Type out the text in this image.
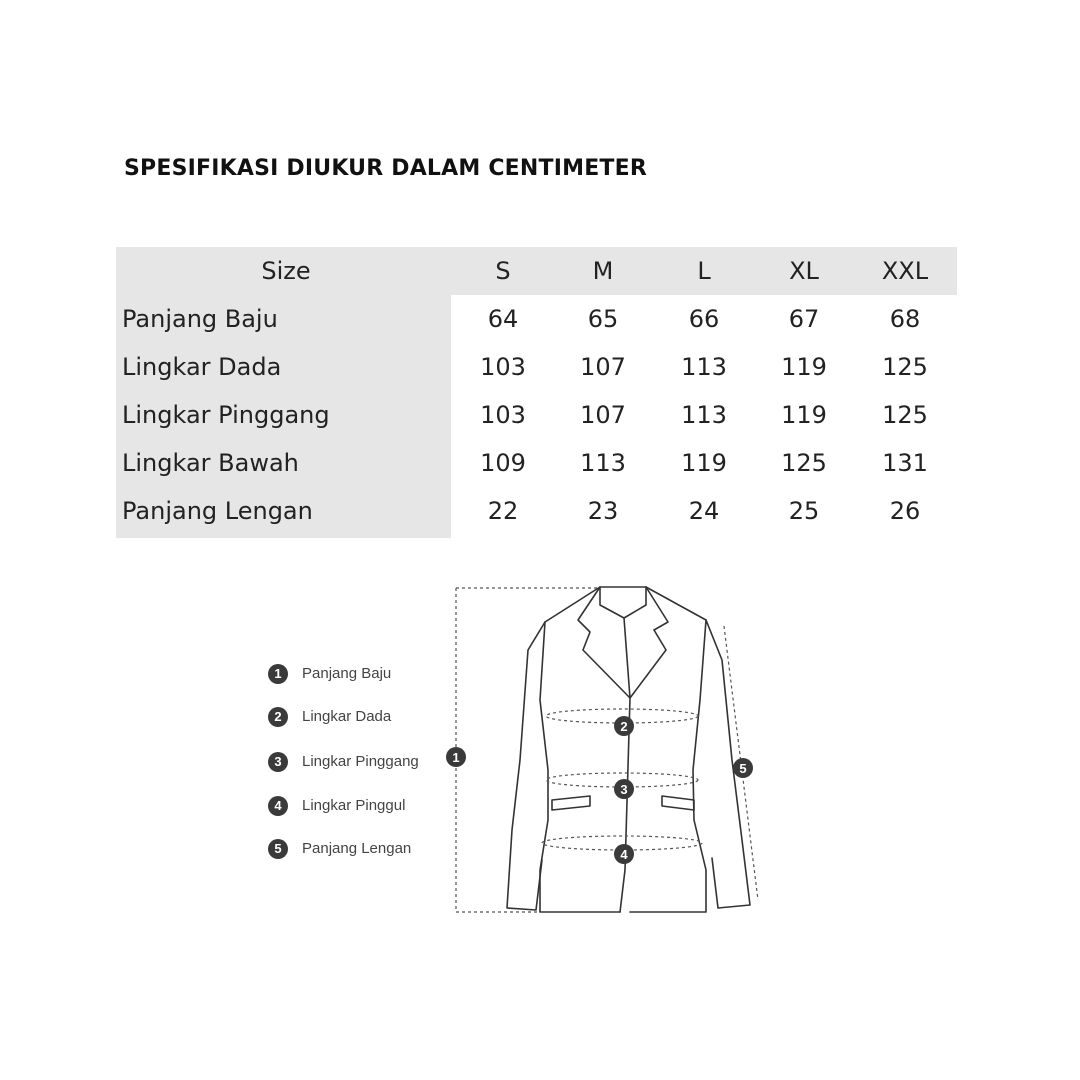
SPESIFIKASI DIUKUR DALAM CENTIMETER
Size	S	M	L	XL	XXL
Panjang Baju	64	65	66	67	68
Lingkar Dada	103	107	113	119	125
Lingkar Pinggang	103	107	113	119	125
Lingkar Bawah	109	113	119	125	131
Panjang Lengan	22	23	24	25	26
1	Panjang Baju
2	Lingkar Dada
3	Lingkar Pinggang
4	Lingkar Pinggul
5	Panjang Lengan
1
2
3
4
5
